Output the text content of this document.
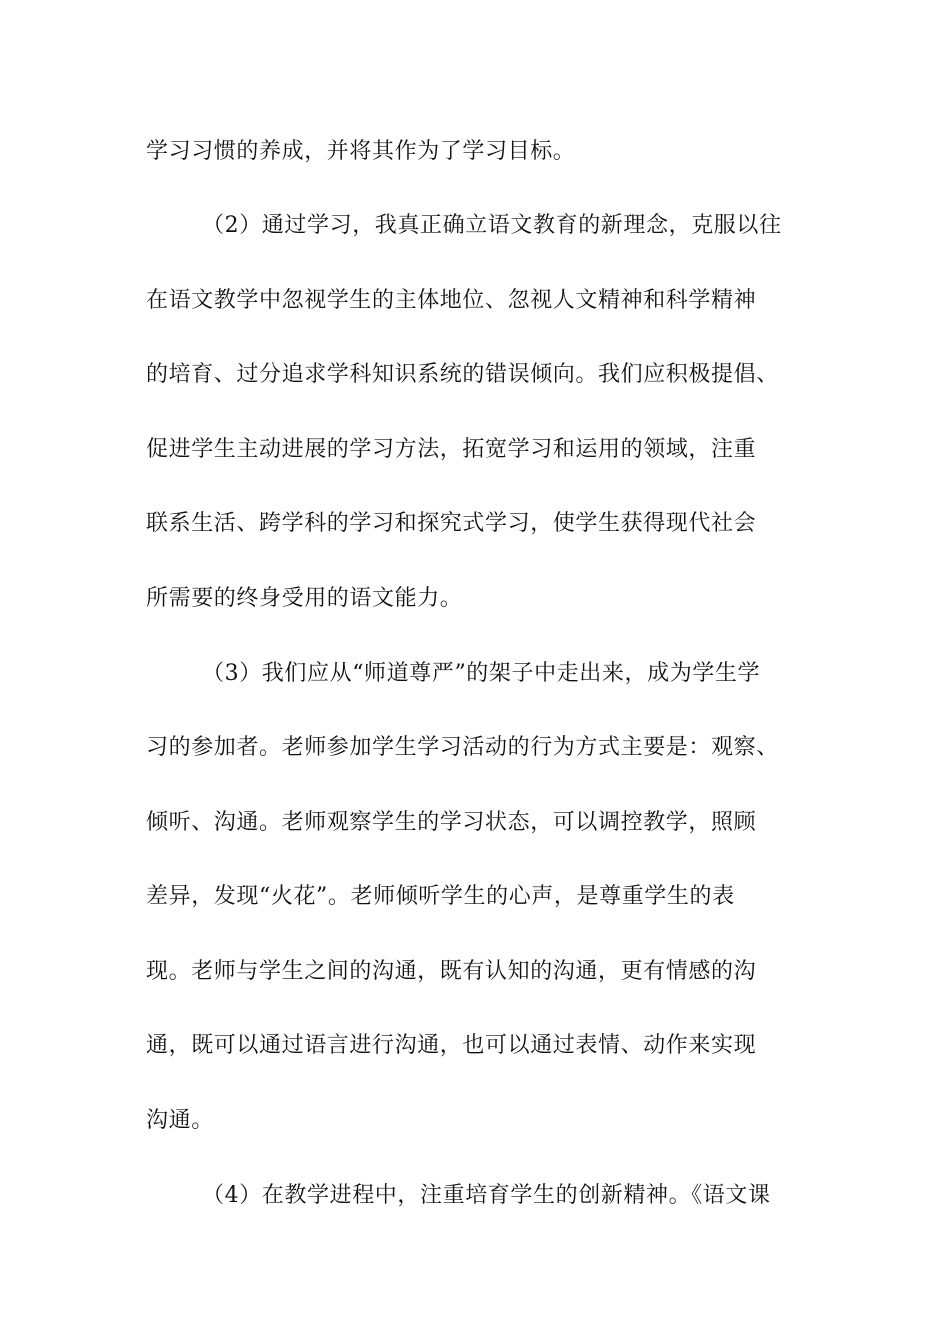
学习习惯的养成，并将其作为了学习目标。
（2）通过学习，我真正确立语文教育的新理念，克服以往
在语文教学中忽视学生的主体地位、忽视人文精神和科学精神
的培育、过分追求学科知识系统的错误倾向。我们应积极提倡、
促进学生主动进展的学习方法，拓宽学习和运用的领域，注重
联系生活、跨学科的学习和探究式学习，使学生获得现代社会
所需要的终身受用的语文能力。
（3）我们应从“师道尊严”的架子中走出来，成为学生学
习的参加者。老师参加学生学习活动的行为方式主要是：观察、
倾听、沟通。老师观察学生的学习状态，可以调控教学，照顾
差异，发现“火花”。老师倾听学生的心声，是尊重学生的表
现。老师与学生之间的沟通，既有认知的沟通，更有情感的沟
通，既可以通过语言进行沟通，也可以通过表情、动作来实现
沟通。
（4）在教学进程中，注重培育学生的创新精神。《语文课
